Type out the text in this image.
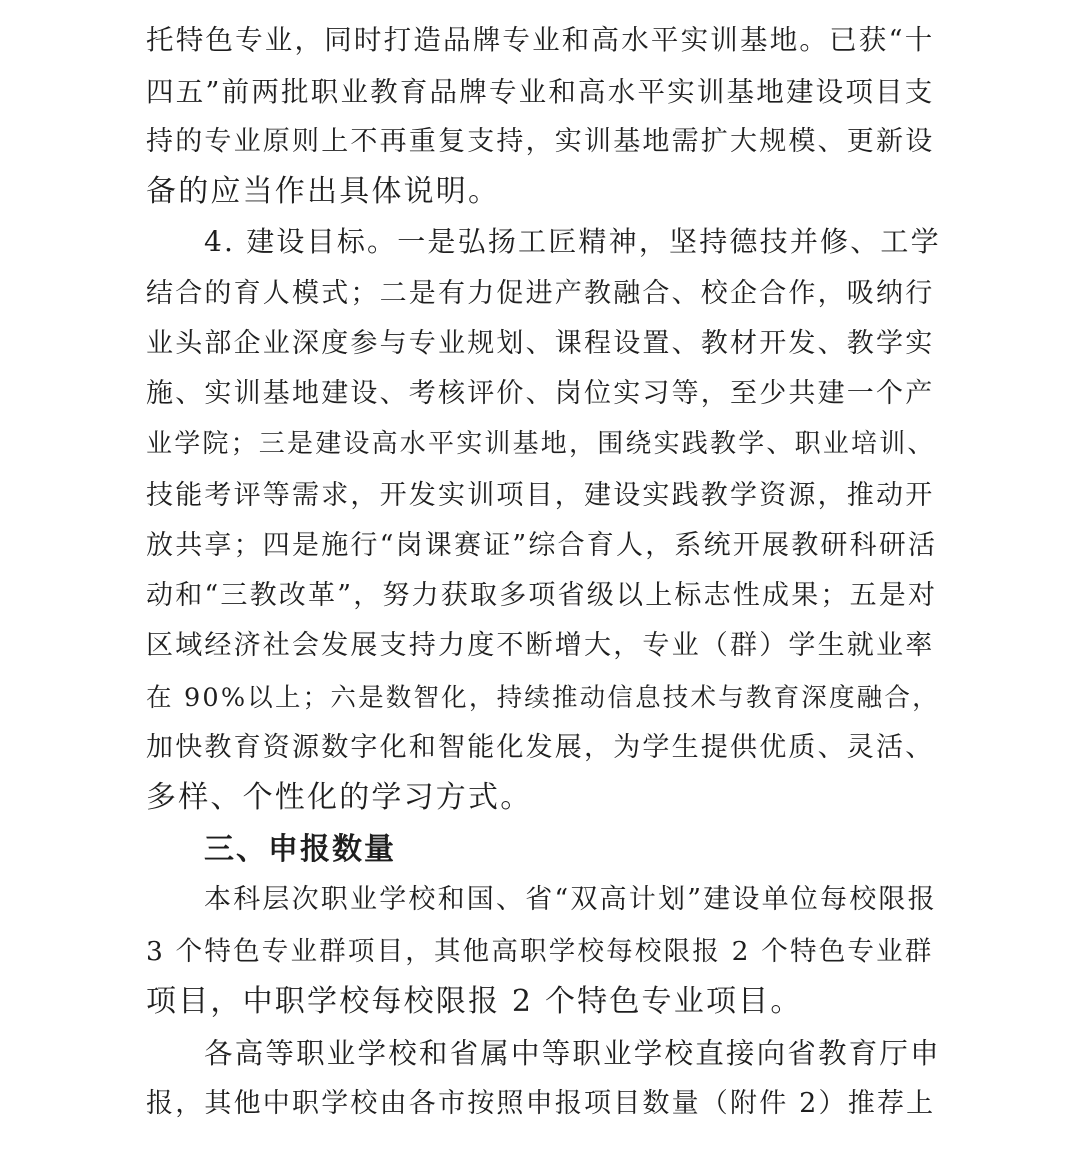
托特色专业，同时打造品牌专业和高水平实训基地。已获“十
四五”前两批职业教育品牌专业和高水平实训基地建设项目支
持的专业原则上不再重复支持，实训基地需扩大规模、更新设
备的应当作出具体说明。
4. 建设目标。一是弘扬工匠精神，坚持德技并修、工学
结合的育人模式；二是有力促进产教融合、校企合作，吸纳行
业头部企业深度参与专业规划、课程设置、教材开发、教学实
施、实训基地建设、考核评价、岗位实习等，至少共建一个产
业学院；三是建设高水平实训基地，围绕实践教学、职业培训、
技能考评等需求，开发实训项目，建设实践教学资源，推动开
放共享；四是施行“岗课赛证”综合育人，系统开展教研科研活
动和“三教改革”，努力获取多项省级以上标志性成果；五是对
区域经济社会发展支持力度不断增大，专业（群）学生就业率
在 90%以上；六是数智化，持续推动信息技术与教育深度融合，
加快教育资源数字化和智能化发展，为学生提供优质、灵活、
多样、个性化的学习方式。
三、申报数量
本科层次职业学校和国、省“双高计划”建设单位每校限报
3 个特色专业群项目，其他高职学校每校限报 2 个特色专业群
项目，中职学校每校限报 2 个特色专业项目。
各高等职业学校和省属中等职业学校直接向省教育厅申
报，其他中职学校由各市按照申报项目数量（附件 2）推荐上
